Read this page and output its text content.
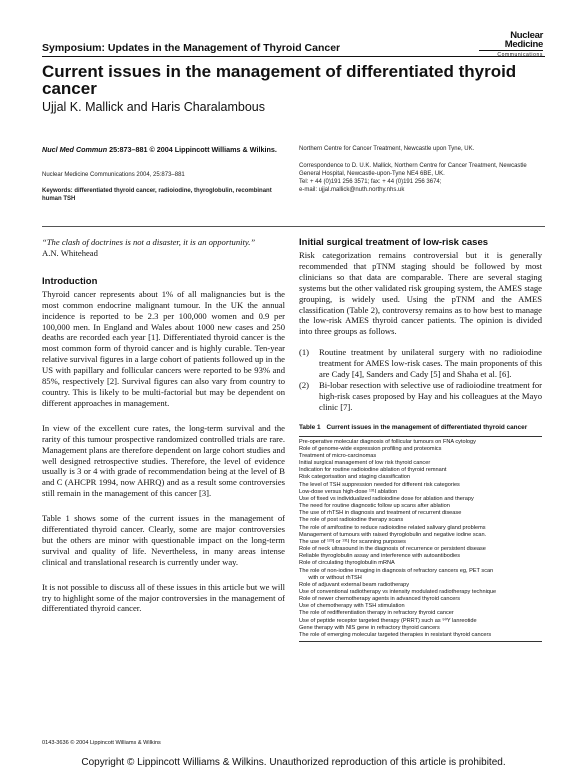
Symposium: Updates in the Management of Thyroid Cancer
Nuclear
Medicine
Communications
Current issues in the management of differentiated thyroid cancer
Ujjal K. Mallick and Haris Charalambous
Nucl Med Commun 25:873–881 © 2004 Lippincott Williams & Wilkins.
Nuclear Medicine Communications 2004, 25:873–881
Keywords: differentiated thyroid cancer, radioiodine, thyroglobulin, recombinant human TSH
Northern Centre for Cancer Treatment, Newcastle upon Tyne, UK.
Correspondence to D. U.K. Mallick, Northern Centre for Cancer Treatment, Newcastle General Hospital, Newcastle-upon-Tyne NE4 6BE, UK.
Tel: + 44 (0)191 256 3571; fax: + 44 (0)191 256 3674;
e-mail: ujjal.mallick@nuth.northy.nhs.uk
“The clash of doctrines is not a disaster, it is an opportunity.”
A.N. Whitehead
Introduction

Thyroid cancer represents about 1% of all malignancies but is the most common endocrine malignant tumour. In the UK the annual incidence is reported to be 2.3 per 100,000 women and 0.9 per 100,000 men. In England and Wales about 1000 new cases and 250 deaths are recorded each year [1]. Differentiated thyroid cancer is the most common form of thyroid cancer and is highly curable. Ten-year relative survival figures in a large cohort of patients followed up in the US with papillary and follicular cancers were reported to be 93% and 85%, respectively [2]. Survival figures can also vary from country to country. This is likely to be multi-factorial but may be dependent on different approaches in management.

In view of the excellent cure rates, the long-term survival and the rarity of this tumour prospective randomized controlled trials are rare. Management plans are therefore dependent on large cohort studies and well designed retrospective studies. Therefore, the level of evidence usually is 3 or 4 with grade of recommendation being at the level of B and C (AHCPR 1994, now AHRQ) and as a result some controversies still remain in the management of this cancer [3].

Table 1 shows some of the current issues in the management of differentiated thyroid cancer. Clearly, some are major controversies but the others are minor with questionable impact on the long-term survival and quality of life. Nevertheless, in many areas intense clinical and translational research is currently under way.

It is not possible to discuss all of these issues in this article but we will try to highlight some of the major controversies in the management of differentiated thyroid cancer.

Initial surgical treatment of low-risk cases

Risk categorization remains controversial but it is generally recommended that pTNM staging should be followed by most clinicians so that data are comparable. There are several staging systems but the other validated risk grouping system, the AMES stage grouping, is widely used. Using the pTNM and the AMES classification (Table 2), controversy remains as to how best to manage the low-risk AMES thyroid cancer patients. The opinion is divided into three groups as follows.

(1)	Routine treatment by unilateral surgery with no radioiodine treatment for AMES low-risk cases. The main proponents of this are Cady [4], Sanders and Cady [5] and Shaha et al. [6].
(2)	Bi-lobar resection with selective use of radioiodine treatment for high-risk cases proposed by Hay and his colleagues at the Mayo clinic [7].
Table 1 Current issues in the management of differentiated thyroid cancer
Pre-operative molecular diagnosis of follicular tumours on FNA cytology
Role of genome-wide expression profiling and proteomics
Treatment of micro-carcinomas
Initial surgical management of low risk thyroid cancer
Indication for routine radioiodine ablation of thyroid remnant
Risk categorisation and staging classification
The level of TSH suppression needed for different risk categories
Low-dose versus high-dose ¹³¹I ablation
Use of fixed vs individualized radioiodine dose for ablation and therapy
The need for routine diagnostic follow up scans after ablation
The use of rhTSH in diagnosis and treatment of recurrent disease
The role of post radioiodine therapy scans
The role of amifostine to reduce radioiodine related salivary gland problems
Management of tumours with raised thyroglobulin and negative iodine scan.
The use of ¹²³I or ¹³¹I for scanning purposes
Role of neck ultrasound in the diagnosis of recurrence or persistent disease
Reliable thyroglobulin assay and interference with autoantibodies
Role of circulating thyroglobulin mRNA
The role of non-iodine imaging in diagnosis of refractory cancers eg, PET scan
with or without rhTSH
Role of adjuvant external beam radiotherapy
Use of conventional radiotherapy vs intensity modulated radiotherapy technique
Role of newer chemotherapy agents in advanced thyroid cancers
Use of chemotherapy with TSH stimulation
The role of redifferentiation therapy in refractory thyroid cancer
Use of peptide receptor targeted therapy (PRRT) such as ⁹⁰Y lanreotide
Gene therapy with NIS gene in refractory thyroid cancers
The role of emerging molecular targeted therapies in resistant thyroid cancers
0143-3636 © 2004 Lippincott Williams & Wilkins
Copyright © Lippincott Williams & Wilkins. Unauthorized reproduction of this article is prohibited.
